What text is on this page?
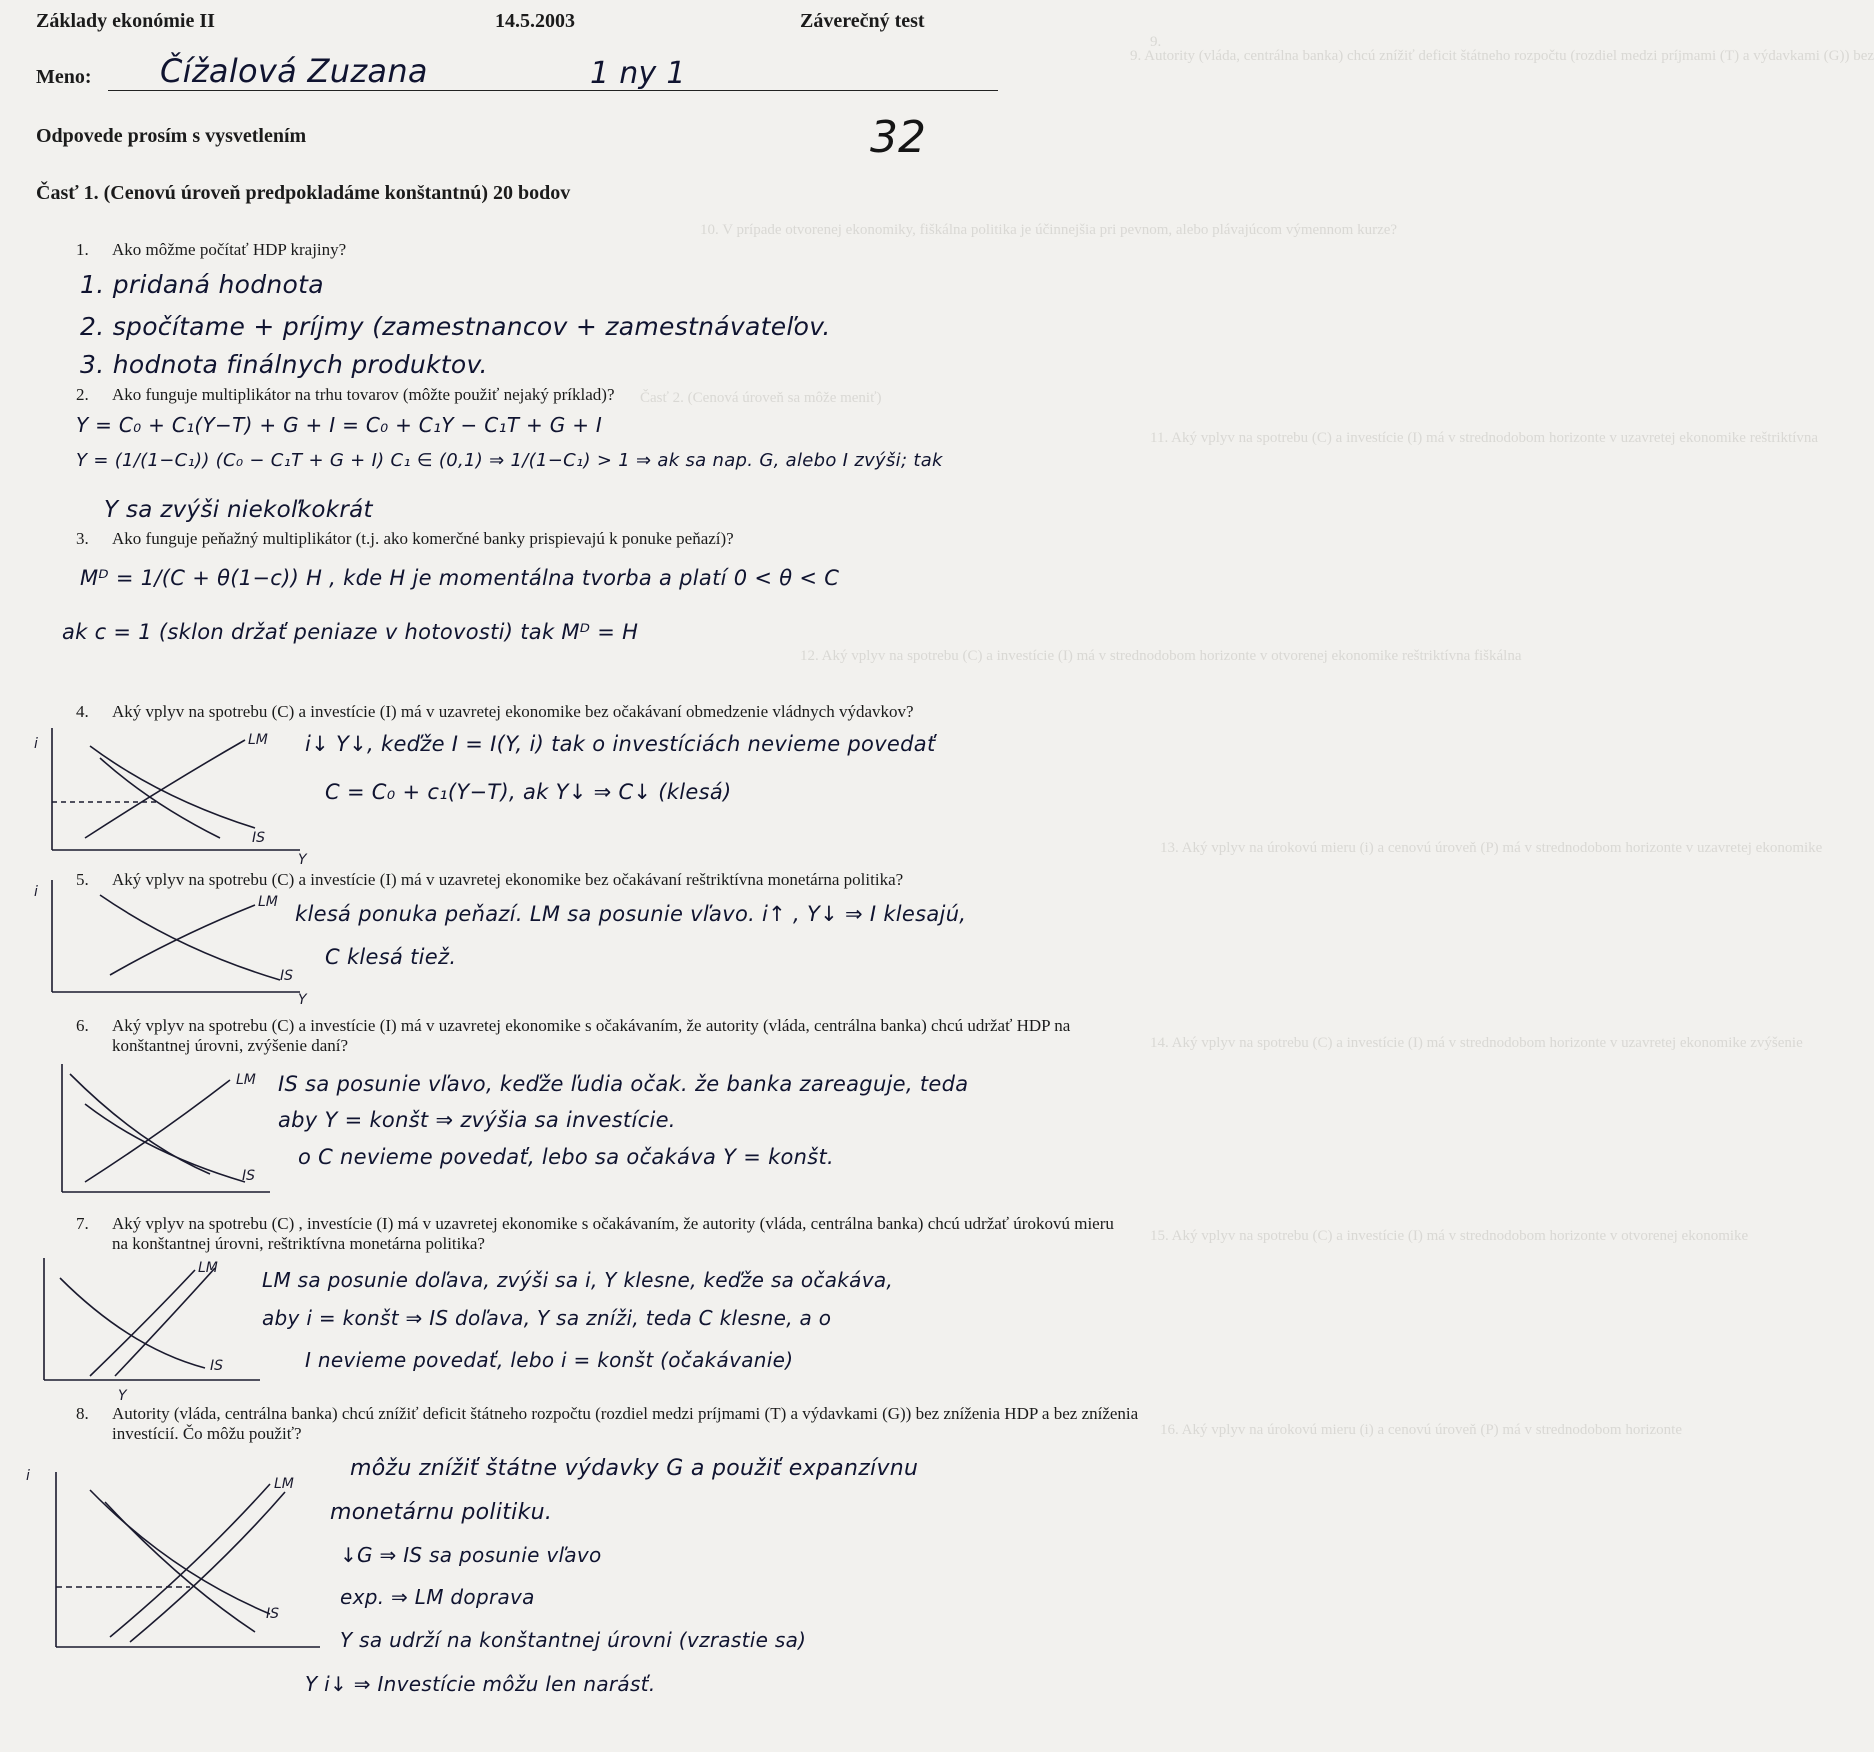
9.
10. V prípade otvorenej ekonomiky, fiškálna politika je účinnejšia pri pevnom, alebo plávajúcom výmennom kurze?
Časť 2. (Cenová úroveň sa môže meniť)
11. Aký vplyv na spotrebu (C) a investície (I) má v strednodobom horizonte v uzavretej ekonomike reštriktívna
12. Aký vplyv na spotrebu (C) a investície (I) má v strednodobom horizonte v otvorenej ekonomike reštriktívna fiškálna
13. Aký vplyv na úrokovú mieru (i) a cenovú úroveň (P) má v strednodobom horizonte v uzavretej ekonomike
14. Aký vplyv na spotrebu (C) a investície (I) má v strednodobom horizonte v uzavretej ekonomike zvýšenie
15. Aký vplyv na spotrebu (C) a investície (I) má v strednodobom horizonte v otvorenej ekonomike
16. Aký vplyv na úrokovú mieru (i) a cenovú úroveň (P) má v strednodobom horizonte
9. Autority (vláda, centrálna banka) chcú znížiť deficit štátneho rozpočtu (rozdiel medzi príjmami (T) a výdavkami (G)) bez
Základy ekonómie II	14.5.2003	Záverečný test
Meno: Čížalová Zuzana	1 ny 1
32
Odpovede prosím s vysvetlením
Časť 1. (Cenovú úroveň predpokladáme konštantnú) 20 bodov
1. Ako môžme počítať HDP krajiny?
1. pridaná hodnota
2. spočítame + príjmy (zamestnancov + zamestnávateľov.
3. hodnota finálnych produktov.
2. Ako funguje multiplikátor na trhu tovarov (môžte použiť nejaký príklad)?
Y = C₀ + C₁(Y−T) + G + I = C₀ + C₁Y − C₁T + G + I
Y = (1/(1−C₁)) (C₀ − C₁T + G + I) C₁ ∈ (0,1) ⇒ 1/(1−C₁) > 1 ⇒ ak sa nap. G, alebo I zvýši; tak
Y sa zvýši niekoľkokrát
3. Ako funguje peňažný multiplikátor (t.j. ako komerčné banky prispievajú k ponuke peňazí)?
Mᴰ = 1/(C + θ(1−c)) H , kde H je momentálna tvorba a platí 0 < θ < C
ak c = 1 (sklon držať peniaze v hotovosti) tak Mᴰ = H
4. Aký vplyv na spotrebu (C) a investície (I) má v uzavretej ekonomike bez očakávaní obmedzenie vládnych výdavkov?
i↓ Y↓, keďže I = I(Y, i) tak o investíciách nevieme povedať
C = C₀ + c₁(Y−T), ak Y↓ ⇒ C↓ (klesá)
5. Aký vplyv na spotrebu (C) a investície (I) má v uzavretej ekonomike bez očakávaní reštriktívna monetárna politika?
klesá ponuka peňazí. LM sa posunie vľavo. i↑ , Y↓ ⇒ I klesajú,
C klesá tiež.
6. Aký vplyv na spotrebu (C) a investície (I) má v uzavretej ekonomike s očakávaním, že autority (vláda, centrálna banka) chcú udržať HDP na konštantnej úrovni, zvýšenie daní?
IS sa posunie vľavo, keďže ľudia očak. že banka zareaguje, teda
aby Y = konšt ⇒ zvýšia sa investície.
o C nevieme povedať, lebo sa očakáva Y = konšt.
7. Aký vplyv na spotrebu (C) , investície (I) má v uzavretej ekonomike s očakávaním, že autority (vláda, centrálna banka) chcú udržať úrokovú mieru na konštantnej úrovni, reštriktívna monetárna politika?
LM sa posunie doľava, zvýši sa i, Y klesne, keďže sa očakáva,
aby i = konšt ⇒ IS doľava, Y sa zníži, teda C klesne, a o
I nevieme povedať, lebo i = konšt (očakávanie)
8. Autority (vláda, centrálna banka) chcú znížiť deficit štátneho rozpočtu (rozdiel medzi príjmami (T) a výdavkami (G)) bez zníženia HDP a bez zníženia investícií. Čo môžu použiť?
môžu znížiť štátne výdavky G a použiť expanzívnu
monetárnu politiku.
↓G ⇒ IS sa posunie vľavo
exp. ⇒ LM doprava
Y sa udrží na konštantnej úrovni (vzrastie sa)
Y i↓ ⇒ Investície môžu len narásť.
i
Y
LM
IS
i
Y
LM
IS
LM
IS
LM
IS
Y
i	LM
IS
